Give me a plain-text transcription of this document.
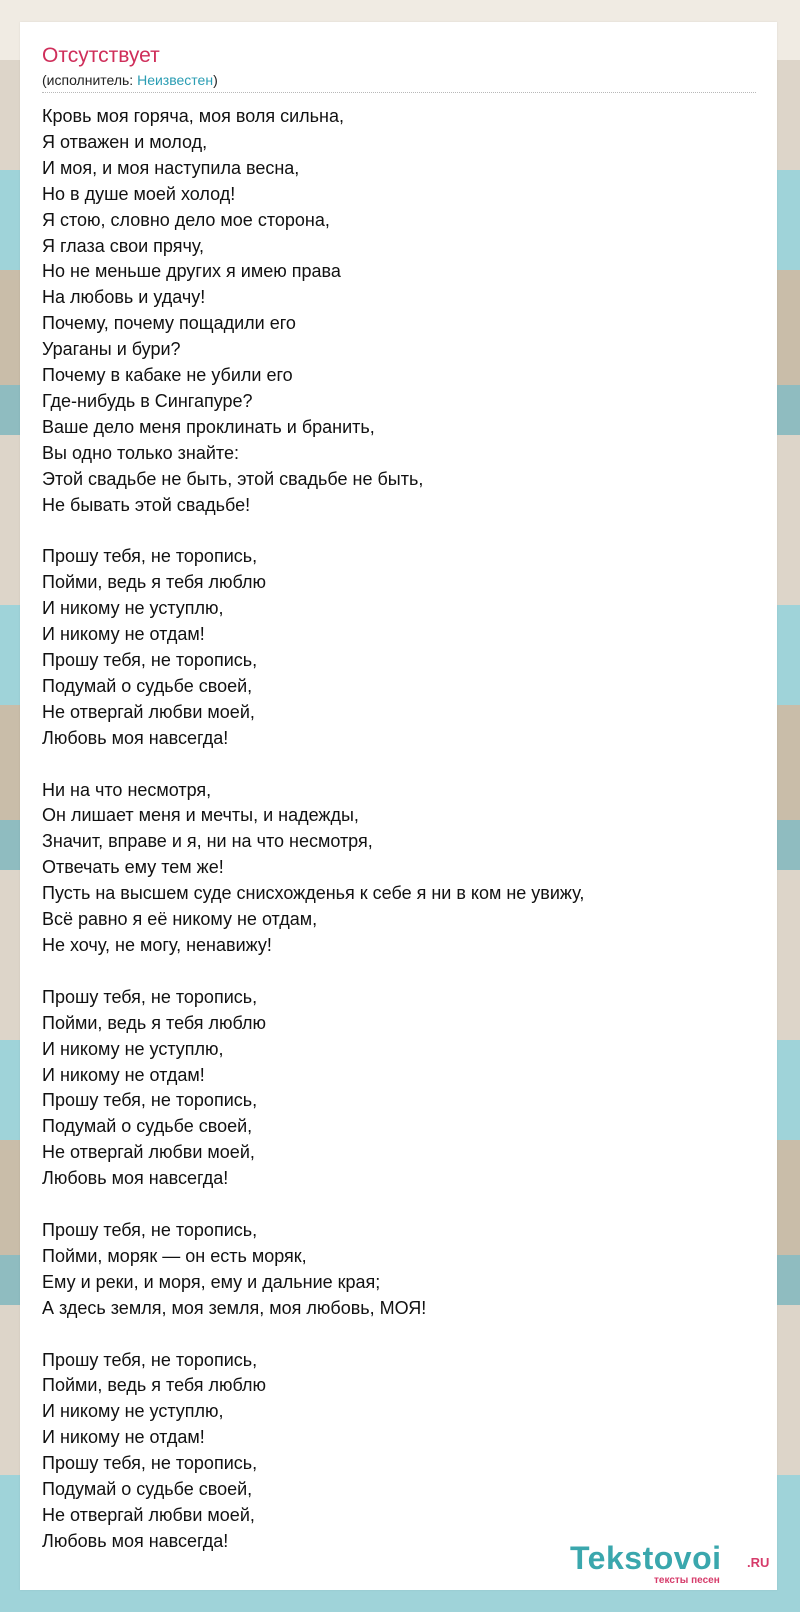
Отсутствует
(исполнитель: Неизвестен)
Кровь моя горяча, моя воля сильна,
Я отважен и молод,
И моя, и моя наступила весна,
Но в душе моей холод!
Я стою, словно дело мое сторона,
Я глаза свои прячу,
Но не меньше других я имею права
На любовь и удачу!
Почему, почему пощадили его
Ураганы и бури?
Почему в кабаке не убили его
Где-нибудь в Сингапуре?
Ваше дело меня проклинать и бранить,
Вы одно только знайте:
Этой свадьбе не быть, этой свадьбе не быть,
Не бывать этой свадьбе!

Прошу тебя, не торопись,
Пойми, ведь я тебя люблю
И никому не уступлю,
И никому не отдам!
Прошу тебя, не торопись,
Подумай о судьбе своей,
Не отвергай любви моей,
Любовь моя навсегда!

Ни на что несмотря,
Он лишает меня и мечты, и надежды,
Значит, вправе и я, ни на что несмотря,
Отвечать ему тем же!
Пусть на высшем суде снисхожденья к себе я ни в ком не увижу,
Всё равно я её никому не отдам,
Не хочу, не могу, ненавижу!

Прошу тебя, не торопись,
Пойми, ведь я тебя люблю
И никому не уступлю,
И никому не отдам!
Прошу тебя, не торопись,
Подумай о судьбе своей,
Не отвергай любви моей,
Любовь моя навсегда!

Прошу тебя, не торопись,
Пойми, моряк — он есть моряк,
Ему и реки, и моря, ему и дальние края;
А здесь земля, моя земля, моя любовь, МОЯ!

Прошу тебя, не торопись,
Пойми, ведь я тебя люблю
И никому не уступлю,
И никому не отдам!
Прошу тебя, не торопись,
Подумай о судьбе своей,
Не отвергай любви моей,
Любовь моя навсегда!	Tekstovoi .RU
тексты песен
